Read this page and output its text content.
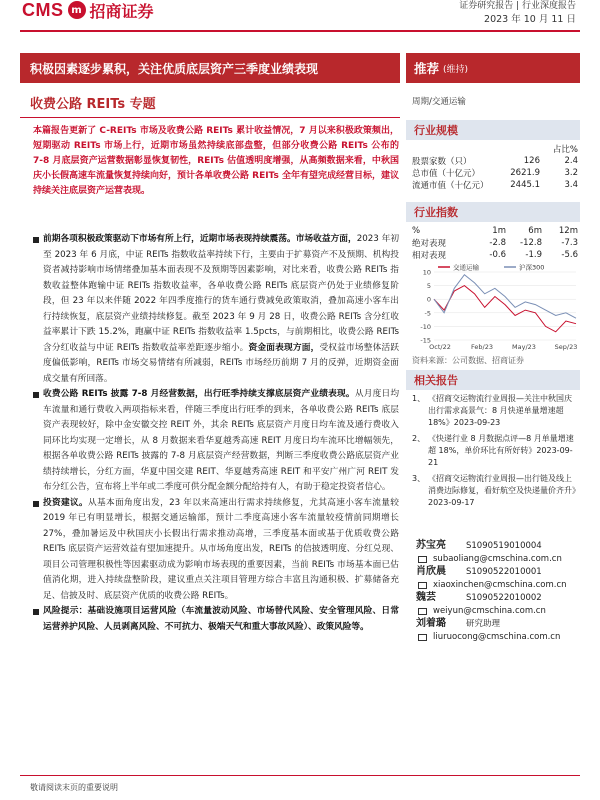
CMS m 招商证券	证券研究报告 | 行业深度报告
2023 年 10 月 11 日
积极因素逐步累积，关注优质底层资产三季度业绩表现	推荐 (维持)
收费公路 REITs 专题	周期/交通运输
本篇报告更新了 C-REITs 市场及收费公路 REITs 累计收益情况，7 月以来积极政策频出，短期驱动 REITs 市场上行，近期市场虽然持续底部盘整，但部分收费公路 REITs 公布的 7-8 月底层资产运营数据彰显恢复韧性，REITs 估值透明度增强，从高频数据来看，中秋国庆小长假高速车流量恢复持续向好，预计各单收费公路 REITs 全年有望完成经营目标，建议持续关注底层资产运营表现。
前期各项积极政策驱动下市场有所上行，近期市场表现持续震荡。市场收益方面，2023 年初至 2023 年 6 月底，中证 REITs 指数收益率持续下行，主要由于扩募资产不及预期、机构投资者减持影响市场情绪叠加基本面表现不及预期等因素影响，对比来看，收费公路 REITs 指数收益整体跑输中证 REITs 指数收益率，各单收费公路 REITs 底层资产仍处于业绩修复阶段，但 23 年以来伴随 2022 年四季度推行的货车通行费减免政策取消，叠加高速小客车出行持续恢复，底层资产业绩持续修复。截至 2023 年 9 月 28 日，收费公路 REITs 含分红收益率累计下跌 15.2%，跑赢中证 REITs 指数收益率 1.5pcts，与前期相比，收费公路 REITs 含分红收益与中证 REITs 指数收益率差距逐步缩小。资金面表现方面，受权益市场整体活跃度偏低影响，REITs 市场交易情绪有所减弱，REITs 市场经历前期 7 月的反弹，近期资金面成交量有所回落。
收费公路 REITs 披露 7-8 月经营数据，出行旺季持续支撑底层资产业绩表现。从月度日均车流量和通行费收入两项指标来看，伴随三季度出行旺季的到来，各单收费公路 REITs 底层资产表现较好，除中金安徽交控 REIT 外，其余 REITs 底层资产月度日均车流及通行费收入同环比均实现一定增长，从 8 月数据来看华夏越秀高速 REIT 月度日均车流环比增幅领先，根据各单收费公路 REITs 披露的 7-8 月底层资产经营数据，判断三季度收费公路底层资产业绩持续增长，分红方面，华夏中国交建 REIT、华夏越秀高速 REIT 和平安广州广河 REIT 发布分红公告，宣布将上半年或二季度可供分配金额分配给持有人，有助于稳定投资者信心。
投资建议。从基本面角度出发，23 年以来高速出行需求持续修复，尤其高速小客车流量较 2019 年已有明显增长，根据交通运输部，预计二季度高速小客车流量较疫情前同期增长 27%，叠加暑运及中秋国庆小长假出行需求推动高增，三季度基本面或基于优质收费公路 REITs 底层资产运营效益有望加速提升。从市场角度出发，REITs 的信披透明度、分红兑现、项目公司管理积极性等因素驱动成为影响市场表现的重要因素，当前 REITs 市场基本面已估值消化期，进入持续盘整阶段，建议重点关注项目管理方综合丰富且沟通积极、扩募储备充足、信披及时、底层资产优质的收费公路 REITs。
风险提示：基础设施项目运营风险（车流量波动风险、市场替代风险、安全管理风险、日常运营养护风险、人员剥离风险、不可抗力、极端天气和重大事故风险）、政策风险等。
行业规模
占比%
股票家数（只）	126	2.4
总市值（十亿元）	2621.9	3.2
流通市值（十亿元）	2445.1	3.4
行业指数
%	1m	6m	12m
绝对表现	-2.8	-12.8	-7.3
相对表现	-0.6	-1.9	-5.6
10
5
0
-5
-10
-15
Oct/22	Feb/23	May/23	Sep/23
交通运输	沪深300
资料来源：公司数据、招商证券
相关报告
1、 《招商交运物流行业周报—关注中秋国庆出行需求高景气：8 月快递单量增速超 18%》2023-09-23
2、 《快递行业 8 月数据点评—8 月单量增速超 18%，单价环比有所好转》2023-09-21
3、 《招商交运物流行业周报—出行链及线上消费边际修复，看好航空及快递量价齐升》2023-09-17
苏宝亮	S1090519010004
subaoliang@cmschina.com.cn
肖欣晨	S1090522010001
xiaoxinchen@cmschina.com.cn
魏芸	S1090522010002
weiyun@cmschina.com.cn
刘着璐	研究助理
liuruocong@cmschina.com.cn
敬请阅读末页的重要说明
